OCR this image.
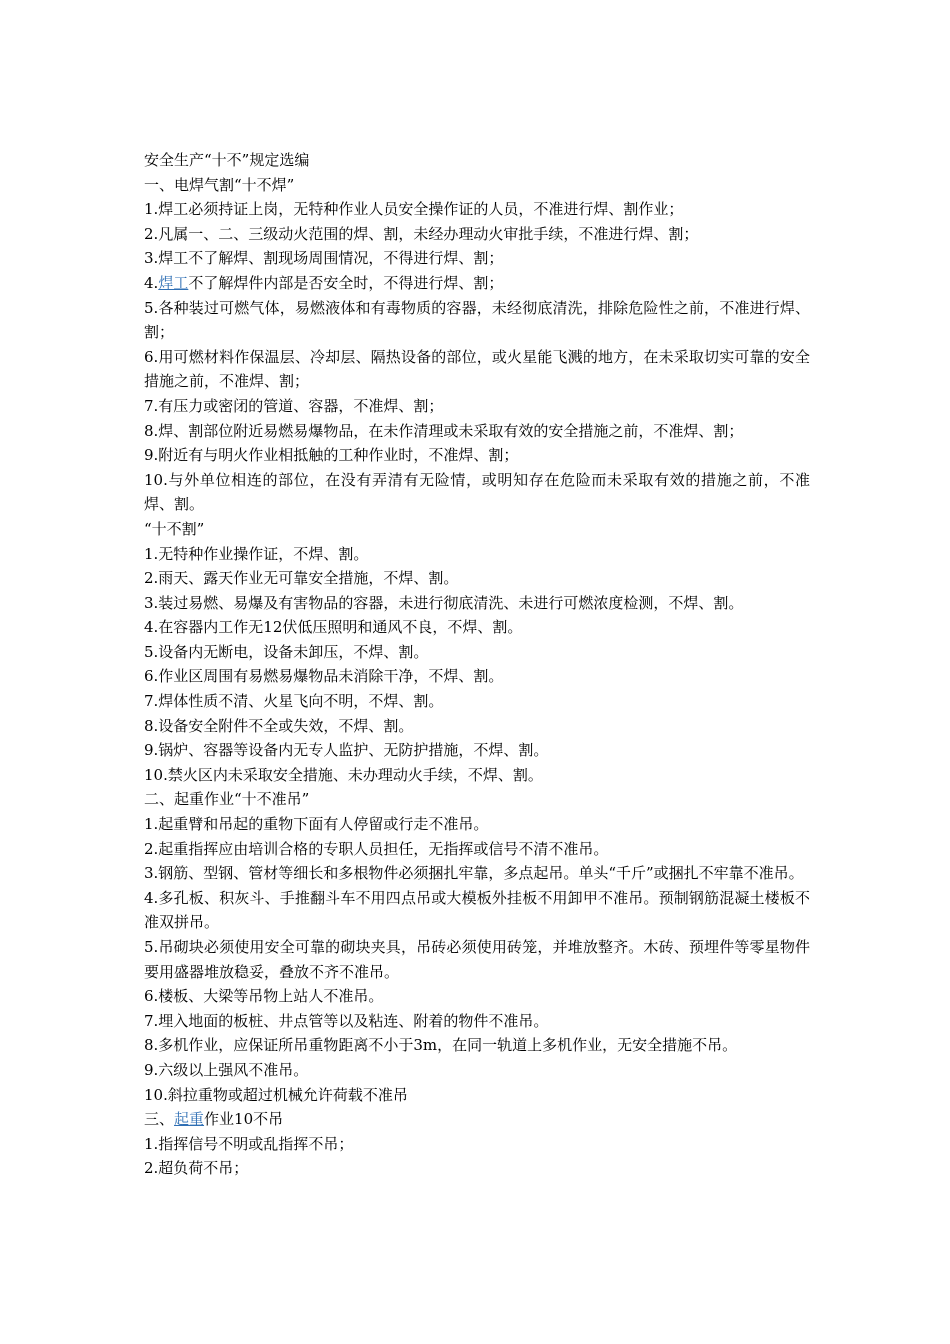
安全生产“十不”规定选编

一、电焊气割“十不焊”

1.焊工必须持证上岗，无特种作业人员安全操作证的人员，不准进行焊、割作业；

2.凡属一、二、三级动火范围的焊、割，未经办理动火审批手续，不准进行焊、割；

3.焊工不了解焊、割现场周围情况，不得进行焊、割；

4.焊工不了解焊件内部是否安全时，不得进行焊、割；

5.各种装过可燃气体，易燃液体和有毒物质的容器，未经彻底清洗，排除危险性之前，不准进行焊、割；

6.用可燃材料作保温层、冷却层、隔热设备的部位，或火星能飞溅的地方，在未采取切实可靠的安全措施之前，不准焊、割；

7.有压力或密闭的管道、容器，不准焊、割；

8.焊、割部位附近易燃易爆物品，在未作清理或未采取有效的安全措施之前，不准焊、割；

9.附近有与明火作业相抵触的工种作业时，不准焊、割；

10.与外单位相连的部位，在没有弄清有无险情，或明知存在危险而未采取有效的措施之前，不准焊、割。

“十不割”

1.无特种作业操作证，不焊、割。

2.雨天、露天作业无可靠安全措施，不焊、割。

3.装过易燃、易爆及有害物品的容器，未进行彻底清洗、未进行可燃浓度检测，不焊、割。

4.在容器内工作无12伏低压照明和通风不良，不焊、割。

5.设备内无断电，设备未卸压，不焊、割。

6.作业区周围有易燃易爆物品未消除干净，不焊、割。

7.焊体性质不清、火星飞向不明，不焊、割。

8.设备安全附件不全或失效，不焊、割。

9.锅炉、容器等设备内无专人监护、无防护措施，不焊、割。

10.禁火区内未采取安全措施、未办理动火手续，不焊、割。

二、起重作业“十不准吊”

1.起重臂和吊起的重物下面有人停留或行走不准吊。

2.起重指挥应由培训合格的专职人员担任，无指挥或信号不清不准吊。

3.钢筋、型钢、管材等细长和多根物件必须捆扎牢靠，多点起吊。单头“千斤”或捆扎不牢靠不准吊。

4.多孔板、积灰斗、手推翻斗车不用四点吊或大模板外挂板不用卸甲不准吊。预制钢筋混凝土楼板不准双拼吊。

5.吊砌块必须使用安全可靠的砌块夹具，吊砖必须使用砖笼，并堆放整齐。木砖、预埋件等零星物件要用盛器堆放稳妥，叠放不齐不准吊。

6.楼板、大梁等吊物上站人不准吊。

7.埋入地面的板桩、井点管等以及粘连、附着的物件不准吊。

8.多机作业，应保证所吊重物距离不小于3m，在同一轨道上多机作业，无安全措施不吊。

9.六级以上强风不准吊。

10.斜拉重物或超过机械允许荷载不准吊

三、起重作业10不吊

1.指挥信号不明或乱指挥不吊；

2.超负荷不吊；
